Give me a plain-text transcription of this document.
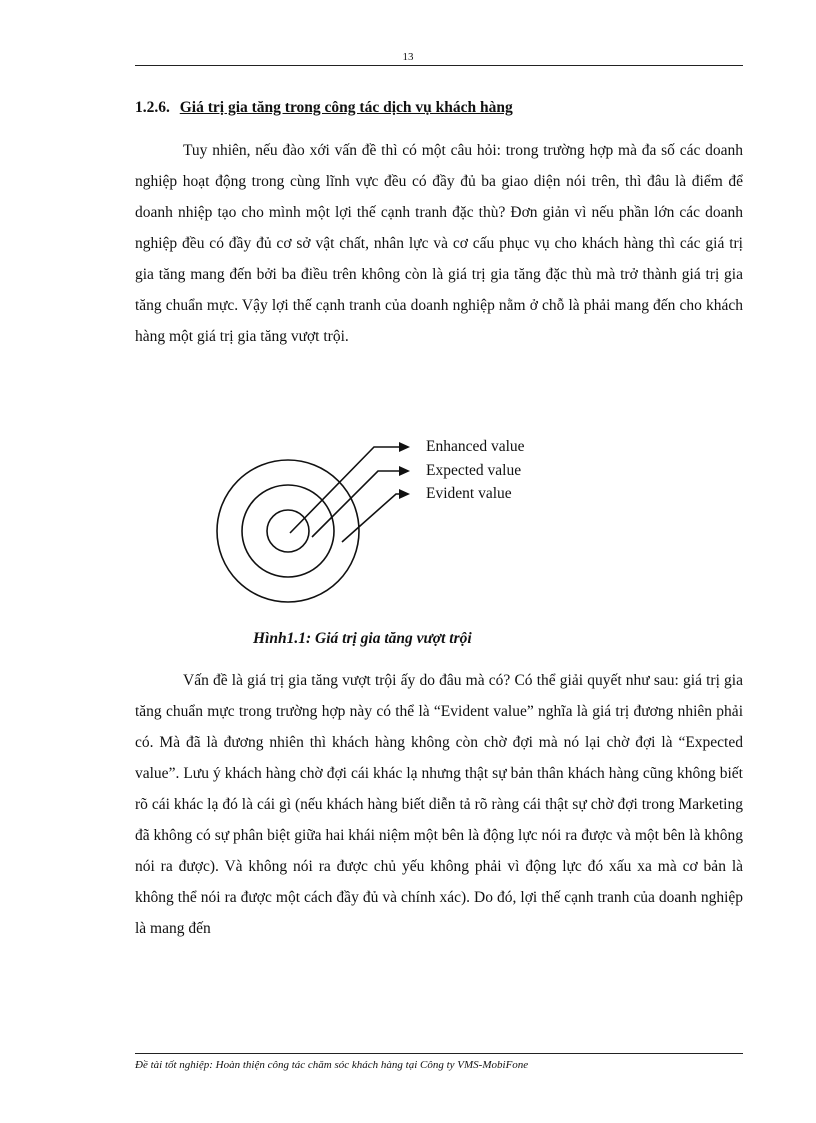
13
1.2.6. Giá trị gia tăng trong công tác dịch vụ khách hàng

Tuy nhiên, nếu đào xới vấn đề thì có một câu hỏi: trong trường hợp mà đa số các doanh nghiệp hoạt động trong cùng lĩnh vực đều có đầy đủ ba giao diện nói trên, thì đâu là điểm để doanh nhiệp tạo cho mình một lợi thế cạnh tranh đặc thù? Đơn giản vì nếu phần lớn các doanh nghiệp đều có đầy đủ cơ sở vật chất, nhân lực và cơ cấu phục vụ cho khách hàng thì các giá trị gia tăng mang đến bởi ba điều trên không còn là giá trị gia tăng đặc thù mà trở thành giá trị gia tăng chuẩn mực. Vậy lợi thế cạnh tranh của doanh nghiệp nằm ở chỗ là phải mang đến cho khách hàng một giá trị gia tăng vượt trội.

Enhanced value
Expected value
Evident value
Hình1.1: Giá trị gia tăng vượt trội

Vấn đề là giá trị gia tăng vượt trội ấy do đâu mà có? Có thể giải quyết như sau: giá trị gia tăng chuẩn mực trong trường hợp này có thể là “Evident value” nghĩa là giá trị đương nhiên phải có. Mà đã là đương nhiên thì khách hàng không còn chờ đợi mà nó lại chờ đợi là “Expected value”. Lưu ý khách hàng chờ đợi cái khác lạ nhưng thật sự bản thân khách hàng cũng không biết rõ cái khác lạ đó là cái gì (nếu khách hàng biết diễn tả rõ ràng cái thật sự chờ đợi trong Marketing đã không có sự phân biệt giữa hai khái niệm một bên là động lực nói ra được và một bên là không nói ra được). Và không nói ra được chủ yếu không phải vì động lực đó xấu xa mà cơ bản là không thể nói ra được một cách đầy đủ và chính xác). Do đó, lợi thế cạnh tranh của doanh nghiệp là mang đến

Đề tài tốt nghiệp: Hoàn thiện công tác chăm sóc khách hàng tại Công ty VMS-MobiFone
